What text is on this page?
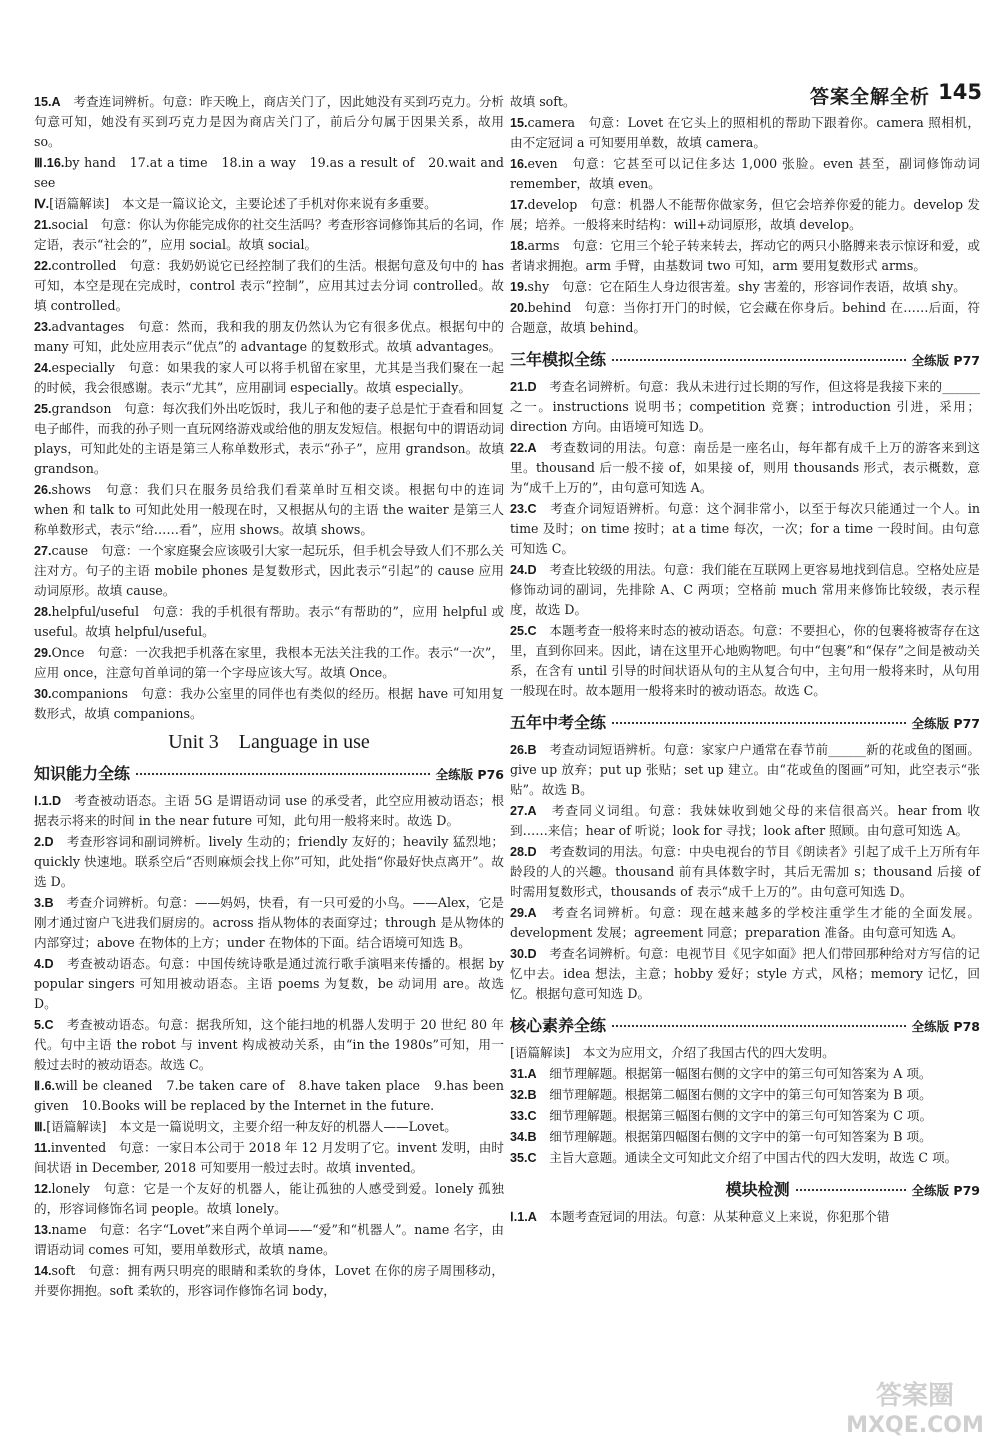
答案全解全析 145
15.A　考查连词辨析。句意：昨天晚上，商店关门了，因此她没有买到巧克力。分析句意可知，她没有买到巧克力是因为商店关门了，前后分句属于因果关系，故用 so。
Ⅲ.16.by hand　17.at a time　18.in a way　19.as a result of　20.wait and see
Ⅳ.[语篇解读]　本文是一篇议论文，主要论述了手机对你来说有多重要。
21.social　句意：你认为你能完成你的社交生活吗？考查形容词修饰其后的名词，作定语，表示“社会的”，应用 social。故填 social。
22.controlled　句意：我奶奶说它已经控制了我们的生活。根据句意及句中的 has 可知，本空是现在完成时，control 表示“控制”，应用其过去分词 controlled。故填 controlled。
23.advantages　句意：然而，我和我的朋友仍然认为它有很多优点。根据句中的 many 可知，此处应用表示“优点”的 advantage 的复数形式。故填 advantages。
24.especially　句意：如果我的家人可以将手机留在家里，尤其是当我们聚在一起的时候，我会很感谢。表示“尤其”，应用副词 especially。故填 especially。
25.grandson　句意：每次我们外出吃饭时，我儿子和他的妻子总是忙于查看和回复电子邮件，而我的孙子则一直玩网络游戏或给他的朋友发短信。根据句中的谓语动词 plays，可知此处的主语是第三人称单数形式，表示“孙子”，应用 grandson。故填 grandson。
26.shows　句意：我们只在服务员给我们看菜单时互相交谈。根据句中的连词 when 和 talk to 可知此处用一般现在时，又根据从句的主语 the waiter 是第三人称单数形式，表示“给……看”，应用 shows。故填 shows。
27.cause　句意：一个家庭聚会应该吸引大家一起玩乐，但手机会导致人们不那么关注对方。句子的主语 mobile phones 是复数形式，因此表示“引起”的 cause 应用动词原形。故填 cause。
28.helpful/useful　句意：我的手机很有帮助。表示“有帮助的”，应用 helpful 或 useful。故填 helpful/useful。
29.Once　句意：一次我把手机落在家里，我根本无法关注我的工作。表示“一次”，应用 once，注意句首单词的第一个字母应该大写。故填 Once。
30.companions　句意：我办公室里的同伴也有类似的经历。根据 have 可知用复数形式，故填 companions。
Unit 3　Language in use
知识能力全练	全练版 P76
Ⅰ.1.D　考查被动语态。主语 5G 是谓语动词 use 的承受者，此空应用被动语态；根据表示将来的时间 in the near future 可知，此句用一般将来时。故选 D。
2.D　考查形容词和副词辨析。lively 生动的；friendly 友好的；heavily 猛烈地；quickly 快速地。联系空后“否则麻烦会找上你”可知，此处指“你最好快点离开”。故选 D。
3.B　考查介词辨析。句意：——妈妈，快看，有一只可爱的小鸟。——Alex，它是刚才通过窗户飞进我们厨房的。across 指从物体的表面穿过；through 是从物体的内部穿过；above 在物体的上方；under 在物体的下面。结合语境可知选 B。
4.D　考查被动语态。句意：中国传统诗歌是通过流行歌手演唱来传播的。根据 by popular singers 可知用被动语态。主语 poems 为复数，be 动词用 are。故选 D。
5.C　考查被动语态。句意：据我所知，这个能扫地的机器人发明于 20 世纪 80 年代。句中主语 the robot 与 invent 构成被动关系，由“in the 1980s”可知，用一般过去时的被动语态。故选 C。
Ⅱ.6.will be cleaned　7.be taken care of　8.have taken place　9.has been given　10.Books will be replaced by the Internet in the future.
Ⅲ.[语篇解读]　本文是一篇说明文，主要介绍一种友好的机器人——Lovet。
11.invented　句意：一家日本公司于 2018 年 12 月发明了它。invent 发明，由时间状语 in December, 2018 可知要用一般过去时。故填 invented。
12.lonely　句意：它是一个友好的机器人，能让孤独的人感受到爱。lonely 孤独的，形容词修饰名词 people。故填 lonely。
13.name　句意：名字“Lovet”来自两个单词——“爱”和“机器人”。name 名字，由谓语动词 comes 可知，要用单数形式，故填 name。
14.soft　句意：拥有两只明亮的眼睛和柔软的身体，Lovet 在你的房子周围移动，并要你拥抱。soft 柔软的，形容词作修饰名词 body，
故填 soft。
15.camera　句意：Lovet 在它头上的照相机的帮助下跟着你。camera 照相机，由不定冠词 a 可知要用单数，故填 camera。
16.even　句意：它甚至可以记住多达 1,000 张脸。even 甚至，副词修饰动词 remember，故填 even。
17.develop　句意：机器人不能帮你做家务，但它会培养你爱的能力。develop 发展；培养。一般将来时结构：will+动词原形，故填 develop。
18.arms　句意：它用三个轮子转来转去，挥动它的两只小胳膊来表示惊讶和爱，或者请求拥抱。arm 手臂，由基数词 two 可知，arm 要用复数形式 arms。
19.shy　句意：它在陌生人身边很害羞。shy 害羞的，形容词作表语，故填 shy。
20.behind　句意：当你打开门的时候，它会藏在你身后。behind 在……后面，符合题意，故填 behind。
三年模拟全练	全练版 P77
21.D　考查名词辨析。句意：我从未进行过长期的写作，但这将是我接下来的______之一。instructions 说明书；competition 竞赛；introduction 引进，采用；direction 方向。由语境可知选 D。
22.A　考查数词的用法。句意：南岳是一座名山，每年都有成千上万的游客来到这里。thousand 后一般不接 of，如果接 of，则用 thousands 形式，表示概数，意为“成千上万的”，由句意可知选 A。
23.C　考查介词短语辨析。句意：这个洞非常小，以至于每次只能通过一个人。in time 及时；on time 按时；at a time 每次，一次；for a time 一段时间。由句意可知选 C。
24.D　考查比较级的用法。句意：我们能在互联网上更容易地找到信息。空格处应是修饰动词的副词，先排除 A、C 两项；空格前 much 常用来修饰比较级，表示程度，故选 D。
25.C　本题考查一般将来时态的被动语态。句意：不要担心，你的包裹将被寄存在这里，直到你回来。因此，请在这里开心地购物吧。句中“包裹”和“保存”之间是被动关系，在含有 until 引导的时间状语从句的主从复合句中，主句用一般将来时，从句用一般现在时。故本题用一般将来时的被动语态。故选 C。
五年中考全练	全练版 P77
26.B　考查动词短语辨析。句意：家家户户通常在春节前______新的花或鱼的图画。give up 放弃；put up 张贴；set up 建立。由“花或鱼的图画”可知，此空表示“张贴”。故选 B。
27.A　考查同义词组。句意：我妹妹收到她父母的来信很高兴。hear from 收到……来信；hear of 听说；look for 寻找；look after 照顾。由句意可知选 A。
28.D　考查数词的用法。句意：中央电视台的节目《朗读者》引起了成千上万所有年龄段的人的兴趣。thousand 前有具体数字时，其后无需加 s；thousand 后接 of 时需用复数形式，thousands of 表示“成千上万的”。由句意可知选 D。
29.A　考查名词辨析。句意：现在越来越多的学校注重学生才能的全面发展。development 发展；agreement 同意；preparation 准备。由句意可知选 A。
30.D　考查名词辨析。句意：电视节目《见字如面》把人们带回那种给对方写信的记忆中去。idea 想法，主意；hobby 爱好；style 方式，风格；memory 记忆，回忆。根据句意可知选 D。
核心素养全练	全练版 P78
[语篇解读]　本文为应用文，介绍了我国古代的四大发明。
31.A　细节理解题。根据第一幅图右侧的文字中的第三句可知答案为 A 项。
32.B　细节理解题。根据第二幅图右侧的文字中的第三句可知答案为 B 项。
33.C　细节理解题。根据第三幅图右侧的文字中的第三句可知答案为 C 项。
34.B　细节理解题。根据第四幅图右侧的文字中的第一句可知答案为 B 项。
35.C　主旨大意题。通读全文可知此文介绍了中国古代的四大发明，故选 C 项。
模块检测	全练版 P79
Ⅰ.1.A　本题考查冠词的用法。句意：从某种意义上来说，你犯那个错
答案圈
MXQE.COM
